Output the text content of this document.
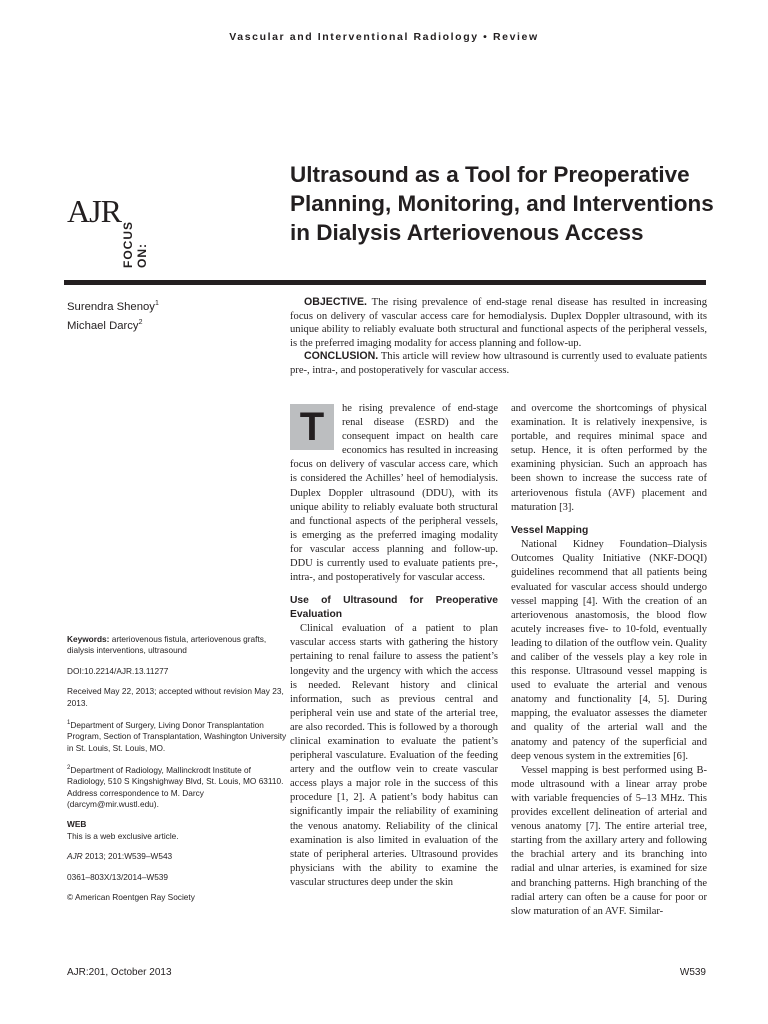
Vascular and Interventional Radiology • Review
AJR
FOCUS ON:
Ultrasound as a Tool for Preoperative Planning, Monitoring, and Interventions in Dialysis Arteriovenous Access
Surendra Shenoy$^1$
Michael Darcy$^2$

OBJECTIVE. The rising prevalence of end-stage renal disease has resulted in increasing focus on delivery of vascular access care for hemodialysis. Duplex Doppler ultrasound, with its unique ability to reliably evaluate both structural and functional aspects of the peripheral vessels, is the preferred imaging modality for access planning and follow-up.

CONCLUSION. This article will review how ultrasound is currently used to evaluate patients pre-, intra-, and postoperatively for vascular access.

Keywords: arteriovenous fistula, arteriovenous grafts, dialysis interventions, ultrasound

DOI:10.2214/AJR.13.11277

Received May 22, 2013; accepted without revision May 23, 2013.

$^1$Department of Surgery, Living Donor Transplantation Program, Section of Transplantation, Washington University in St. Louis, St. Louis, MO.

$^2$Department of Radiology, Mallinckrodt Institute of Radiology, 510 S Kingshighway Blvd, St. Louis, MO 63110. Address correspondence to M. Darcy (darcym@mir.wustl.edu).

WEB
This is a web exclusive article.

AJR 2013; 201:W539–W543

0361–803X/13/2014–W539

© American Roentgen Ray Society

T	he rising prevalence of end-stage renal disease (ESRD) and the consequent impact on health care economics has resulted in increasing focus on delivery of vascular access care, which is considered the Achilles’ heel of hemodialysis. Duplex Doppler ultrasound (DDU), with its unique ability to reliably evaluate both structural and functional aspects of the peripheral vessels, is emerging as the preferred imaging modality for vascular access planning and follow-up. DDU is currently used to evaluate patients pre-, intra-, and postoperatively for vascular access.

Use of Ultrasound for Preoperative Evaluation

Clinical evaluation of a patient to plan vascular access starts with gathering the history pertaining to renal failure to assess the patient’s longevity and the urgency with which the access is needed. Relevant history and clinical information, such as previous central and peripheral vein use and state of the arterial tree, are also recorded. This is followed by a thorough clinical examination to evaluate the patient’s peripheral vasculature. Evaluation of the feeding artery and the outflow vein to create vascular access plays a major role in the success of this procedure [1, 2]. A patient’s body habitus can significantly impair the reliability of examining the venous anatomy. Reliability of the clinical examination is also limited in evaluation of the state of peripheral arteries. Ultrasound provides physicians with the ability to examine the vascular structures deep under the skin

and overcome the shortcomings of physical examination. It is relatively inexpensive, is portable, and requires minimal space and setup. Hence, it is often performed by the examining physician. Such an approach has been shown to increase the success rate of arteriovenous fistula (AVF) placement and maturation [3].

Vessel Mapping

National Kidney Foundation–Dialysis Outcomes Quality Initiative (NKF-DOQI) guidelines recommend that all patients being evaluated for vascular access should undergo vessel mapping [4]. With the creation of an arteriovenous anastomosis, the blood flow acutely increases five- to 10-fold, eventually leading to dilation of the outflow vein. Quality and caliber of the vessels play a key role in this response. Ultrasound vessel mapping is used to evaluate the arterial and venous anatomy and functionality [4, 5]. During mapping, the evaluator assesses the diameter and quality of the arterial wall and the anatomy and patency of the superficial and deep venous system in the extremities [6].

Vessel mapping is best performed using B-mode ultrasound with a linear array probe with variable frequencies of 5–13 MHz. This provides excellent delineation of arterial and venous anatomy [7]. The entire arterial tree, starting from the axillary artery and following the brachial artery and its branching into radial and ulnar arteries, is examined for size and branching patterns. High branching of the radial artery can often be a cause for poor or slow maturation of an AVF. Similar-

AJR:201, October 2013	W539
